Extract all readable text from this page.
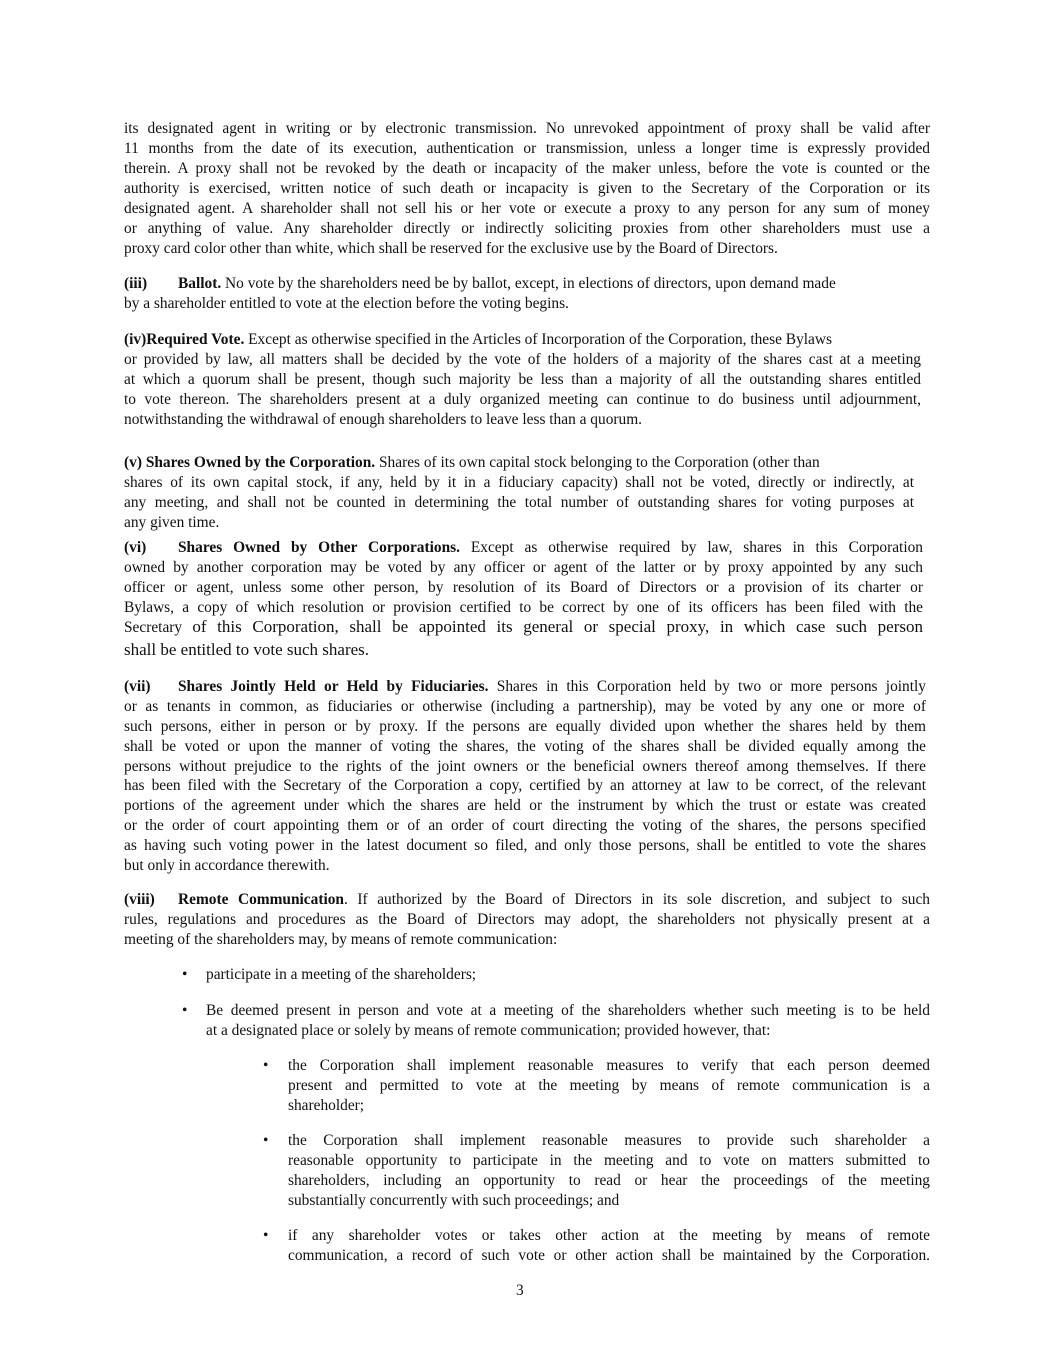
its designated agent in writing or by electronic transmission. No unrevoked appointment of proxy shall be valid after
11 months from the date of its execution, authentication or transmission, unless a longer time is expressly provided
therein. A proxy shall not be revoked by the death or incapacity of the maker unless, before the vote is counted or the
authority is exercised, written notice of such death or incapacity is given to the Secretary of the Corporation or its
designated agent. A shareholder shall not sell his or her vote or execute a proxy to any person for any sum of money
or anything of value. Any shareholder directly or indirectly soliciting proxies from other shareholders must use a
proxy card color other than white, which shall be reserved for the exclusive use by the Board of Directors.
(iii) Ballot. No vote by the shareholders need be by ballot, except, in elections of directors, upon demand made
by a shareholder entitled to vote at the election before the voting begins.
(iv)Required Vote. Except as otherwise specified in the Articles of Incorporation of the Corporation, these Bylaws
or provided by law, all matters shall be decided by the vote of the holders of a majority of the shares cast at a meeting
at which a quorum shall be present, though such majority be less than a majority of all the outstanding shares entitled
to vote thereon. The shareholders present at a duly organized meeting can continue to do business until adjournment,
notwithstanding the withdrawal of enough shareholders to leave less than a quorum.
(v) Shares Owned by the Corporation. Shares of its own capital stock belonging to the Corporation (other than
shares of its own capital stock, if any, held by it in a fiduciary capacity) shall not be voted, directly or indirectly, at
any meeting, and shall not be counted in determining the total number of outstanding shares for voting purposes at
any given time.
(vi) Shares Owned by Other Corporations. Except as otherwise required by law, shares in this Corporation
owned by another corporation may be voted by any officer or agent of the latter or by proxy appointed by any such
officer or agent, unless some other person, by resolution of its Board of Directors or a provision of its charter or
Bylaws, a copy of which resolution or provision certified to be correct by one of its officers has been filed with the
Secretary of this Corporation, shall be appointed its general or special proxy, in which case such person
shall be entitled to vote such shares.
(vii) Shares Jointly Held or Held by Fiduciaries. Shares in this Corporation held by two or more persons jointly
or as tenants in common, as fiduciaries or otherwise (including a partnership), may be voted by any one or more of
such persons, either in person or by proxy. If the persons are equally divided upon whether the shares held by them
shall be voted or upon the manner of voting the shares, the voting of the shares shall be divided equally among the
persons without prejudice to the rights of the joint owners or the beneficial owners thereof among themselves. If there
has been filed with the Secretary of the Corporation a copy, certified by an attorney at law to be correct, of the relevant
portions of the agreement under which the shares are held or the instrument by which the trust or estate was created
or the order of court appointing them or of an order of court directing the voting of the shares, the persons specified
as having such voting power in the latest document so filed, and only those persons, shall be entitled to vote the shares
but only in accordance therewith.
(viii) Remote Communication. If authorized by the Board of Directors in its sole discretion, and subject to such
rules, regulations and procedures as the Board of Directors may adopt, the shareholders not physically present at a
meeting of the shareholders may, by means of remote communication:
• participate in a meeting of the shareholders;
• Be deemed present in person and vote at a meeting of the shareholders whether such meeting is to be held
at a designated place or solely by means of remote communication; provided however, that:
• the Corporation shall implement reasonable measures to verify that each person deemed
present and permitted to vote at the meeting by means of remote communication is a
shareholder;
• the Corporation shall implement reasonable measures to provide such shareholder a
reasonable opportunity to participate in the meeting and to vote on matters submitted to
shareholders, including an opportunity to read or hear the proceedings of the meeting
substantially concurrently with such proceedings; and
• if any shareholder votes or takes other action at the meeting by means of remote
communication, a record of such vote or other action shall be maintained by the Corporation.
3
